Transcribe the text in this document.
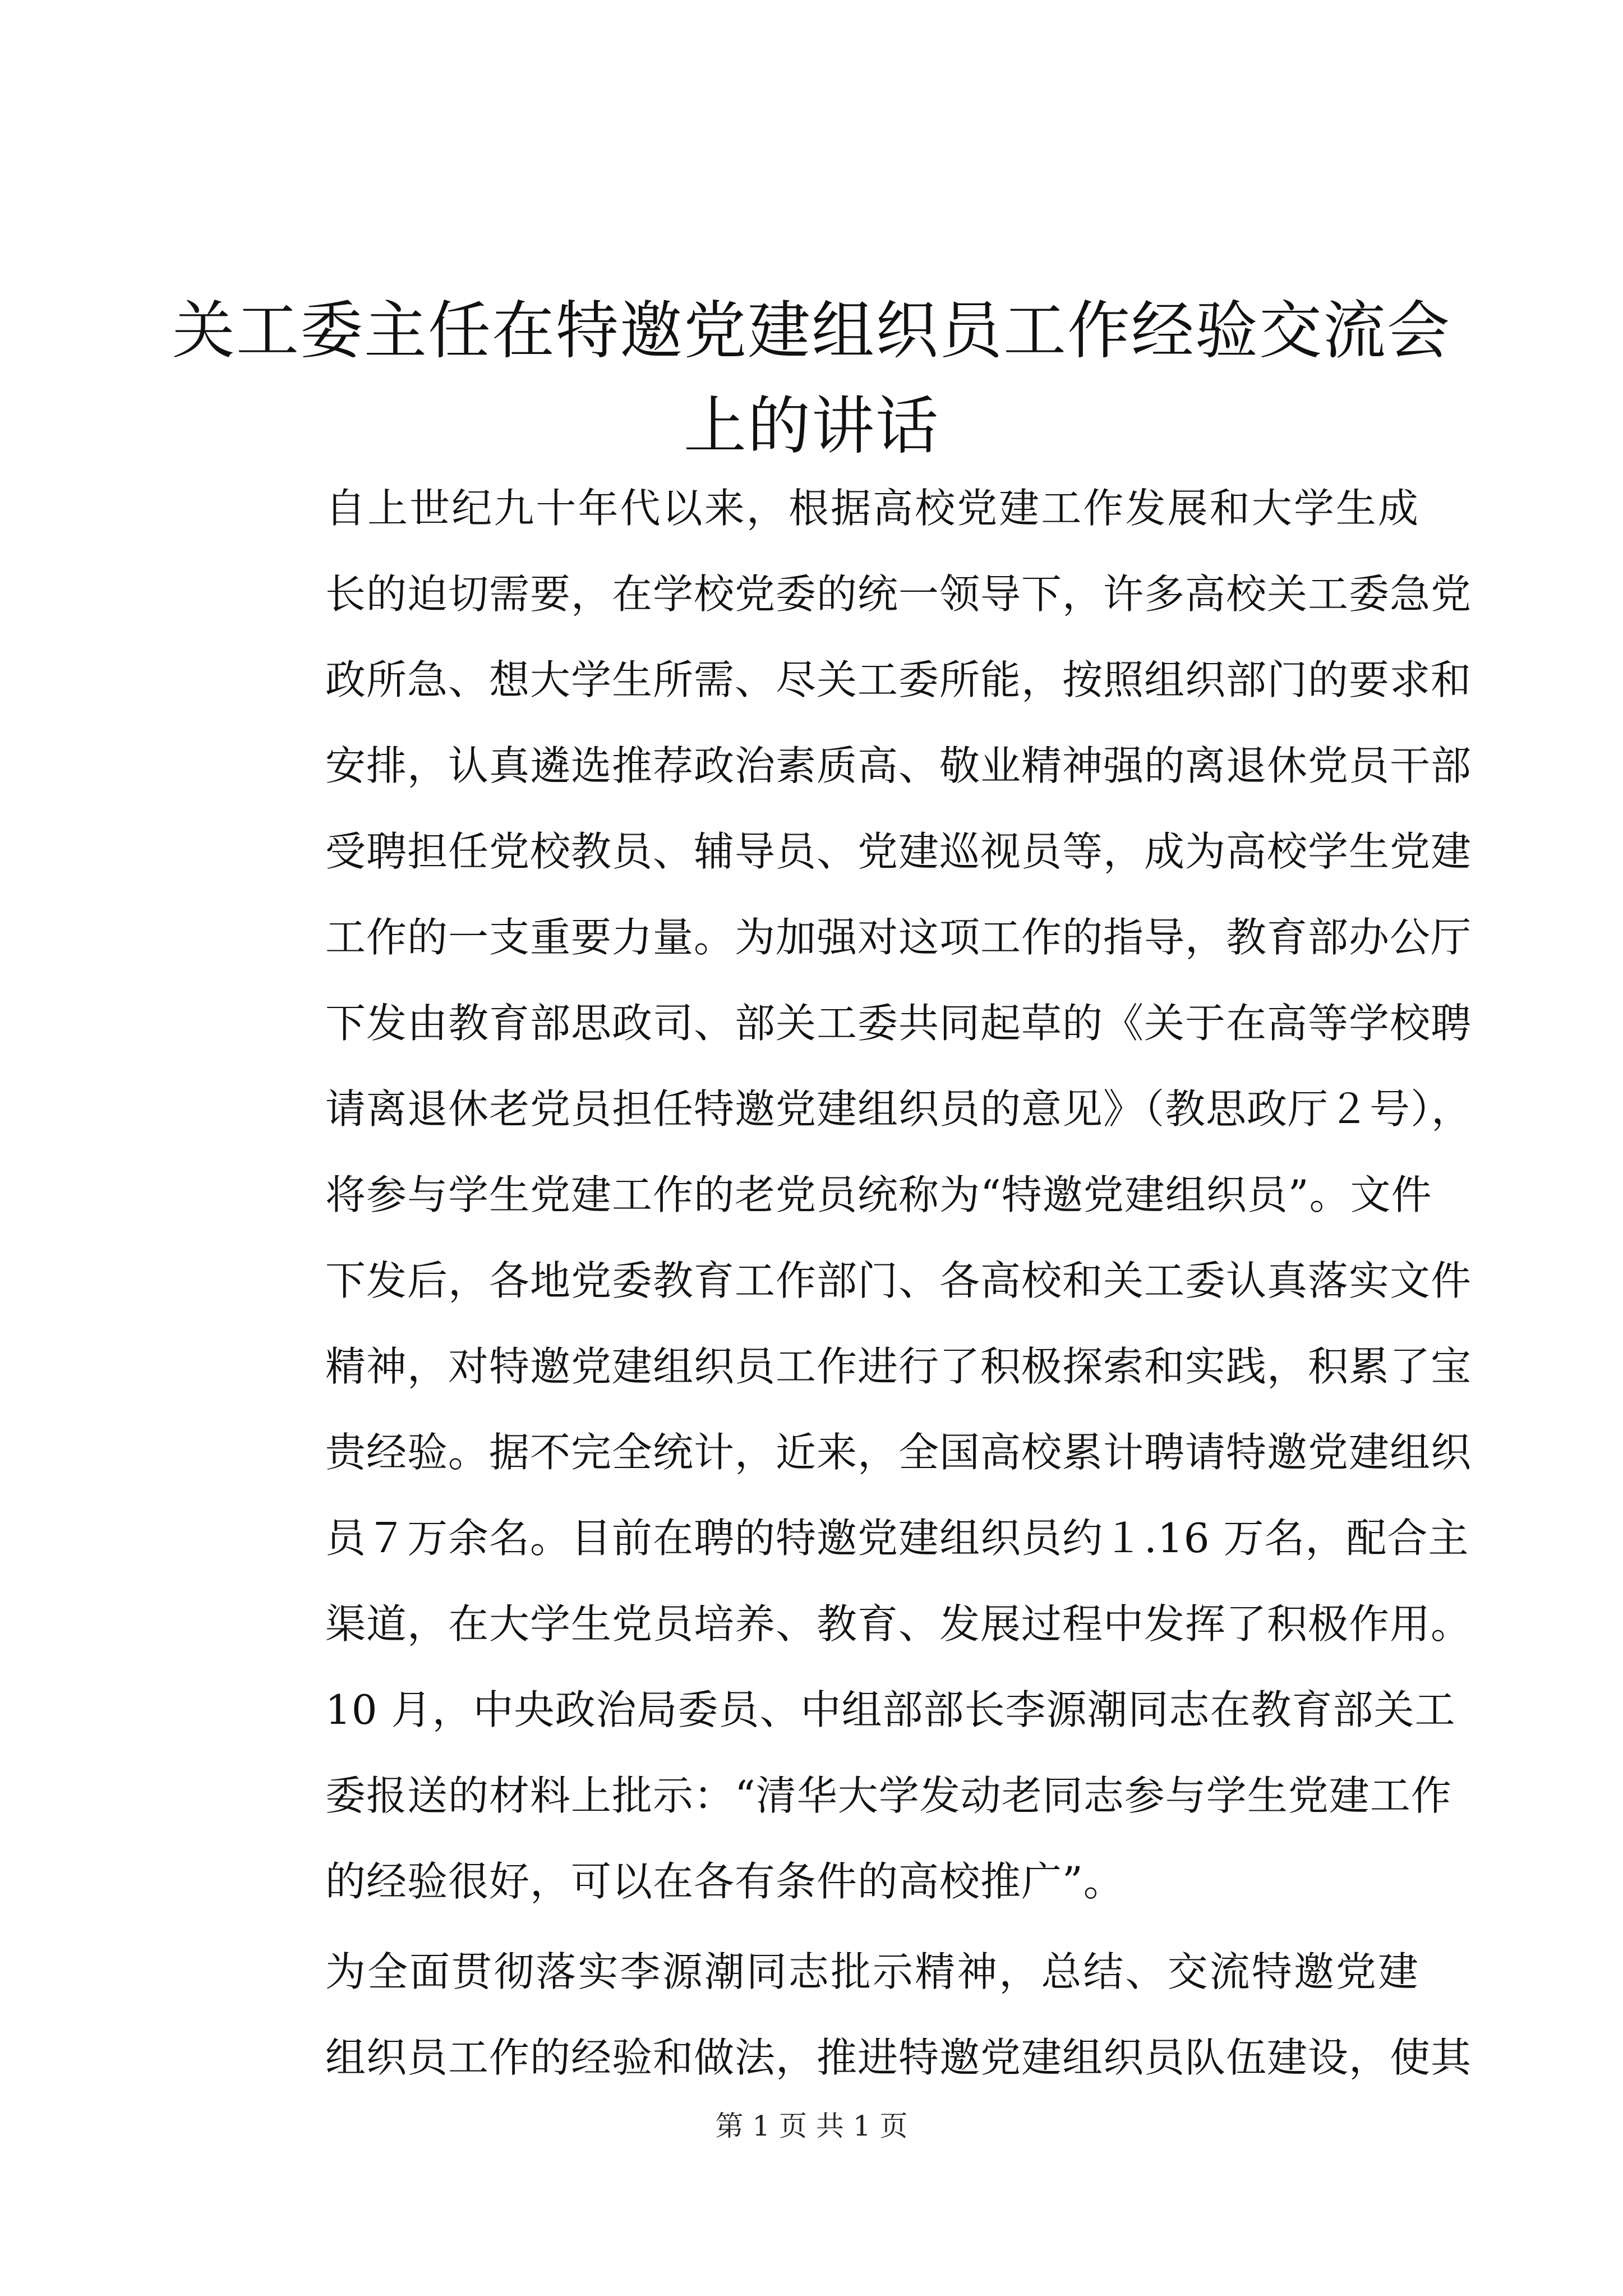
关工委主任在特邀党建组织员工作经验交流会上的讲话

自上世纪九十年代以来，根据高校党建工作发展和大学生成
长的迫切需要，在学校党委的统一领导下，许多高校关工委急党
政所急、想大学生所需、尽关工委所能，按照组织部门的要求和
安排，认真遴选推荐政治素质高、敬业精神强的离退休党员干部
受聘担任党校教员、辅导员、党建巡视员等，成为高校学生党建
工作的一支重要力量。为加强对这项工作的指导，教育部办公厅
下发由教育部思政司、部关工委共同起草的《关于在高等学校聘
请离退休老党员担任特邀党建组织员的意见》（教思政厅２号），
将参与学生党建工作的老党员统称为“特邀党建组织员”。文件
下发后，各地党委教育工作部门、各高校和关工委认真落实文件
精神，对特邀党建组织员工作进行了积极探索和实践，积累了宝
贵经验。据不完全统计，近来，全国高校累计聘请特邀党建组织
员７万余名。目前在聘的特邀党建组织员约１.16 万名，配合主
渠道，在大学生党员培养、教育、发展过程中发挥了积极作用。
10 月，中央政治局委员、中组部部长李源潮同志在教育部关工
委报送的材料上批示：“清华大学发动老同志参与学生党建工作
的经验很好，可以在各有条件的高校推广”。

为全面贯彻落实李源潮同志批示精神，总结、交流特邀党建
组织员工作的经验和做法，推进特邀党建组织员队伍建设，使其

第 1 页 共 1 页
